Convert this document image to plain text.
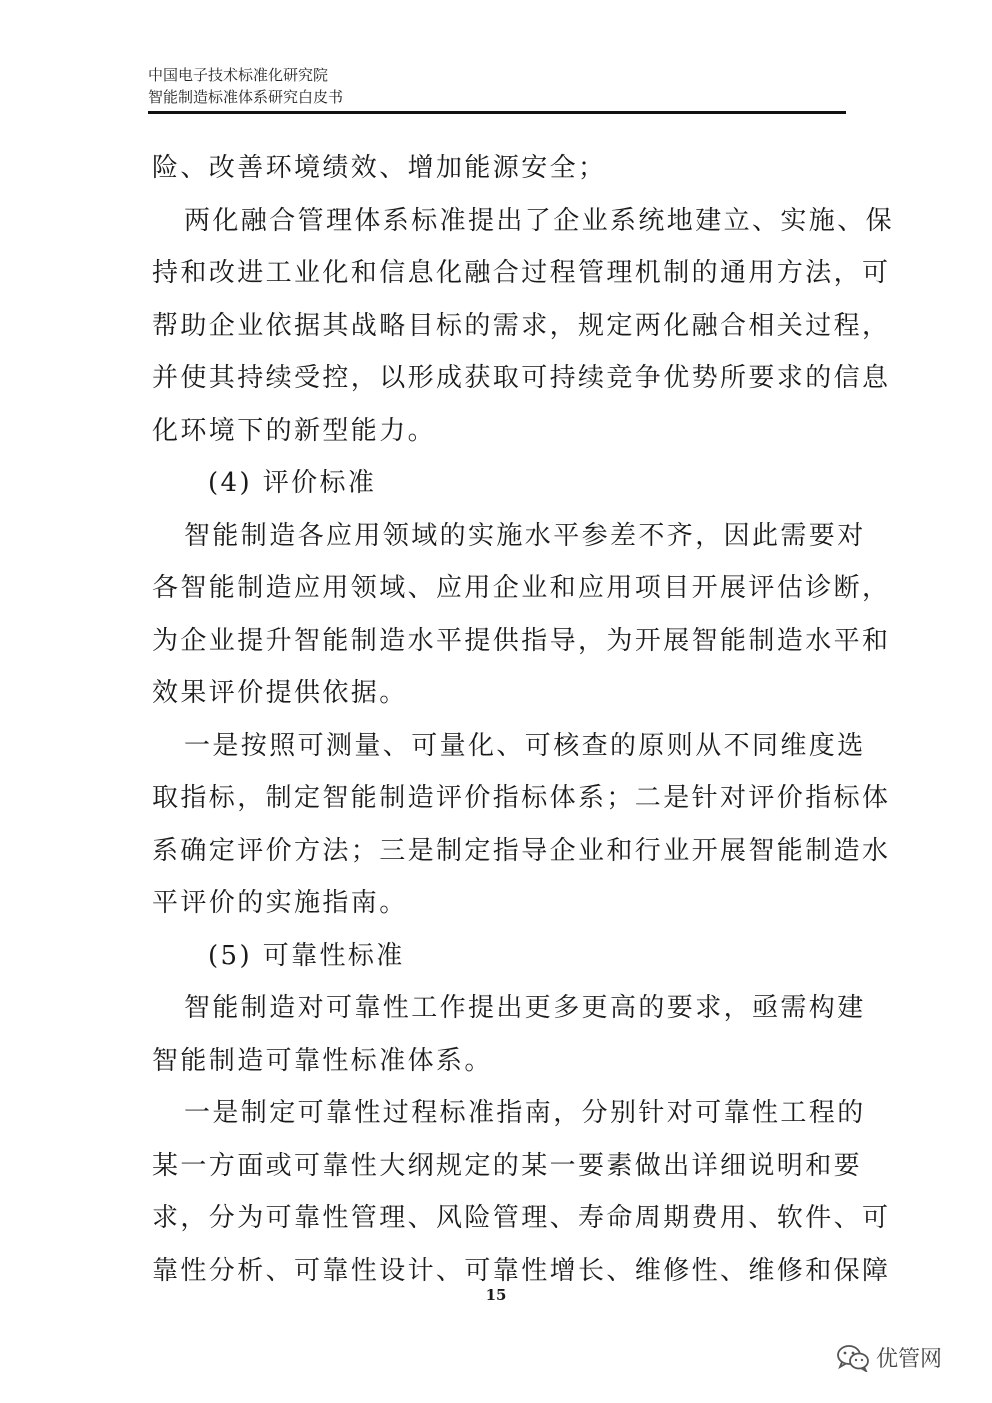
中国电子技术标准化研究院
智能制造标准体系研究白皮书
险、改善环境绩效、增加能源安全；
两化融合管理体系标准提出了企业系统地建立、实施、保
持和改进工业化和信息化融合过程管理机制的通用方法，可
帮助企业依据其战略目标的需求，规定两化融合相关过程，
并使其持续受控，以形成获取可持续竞争优势所要求的信息
化环境下的新型能力。
(4) 评价标准
智能制造各应用领域的实施水平参差不齐，因此需要对
各智能制造应用领域、应用企业和应用项目开展评估诊断，
为企业提升智能制造水平提供指导，为开展智能制造水平和
效果评价提供依据。
一是按照可测量、可量化、可核查的原则从不同维度选
取指标，制定智能制造评价指标体系；二是针对评价指标体
系确定评价方法；三是制定指导企业和行业开展智能制造水
平评价的实施指南。
(5) 可靠性标准
智能制造对可靠性工作提出更多更高的要求，亟需构建
智能制造可靠性标准体系。
一是制定可靠性过程标准指南，分别针对可靠性工程的
某一方面或可靠性大纲规定的某一要素做出详细说明和要
求，分为可靠性管理、风险管理、寿命周期费用、软件、可
靠性分析、可靠性设计、可靠性增长、维修性、维修和保障
15
优管网
